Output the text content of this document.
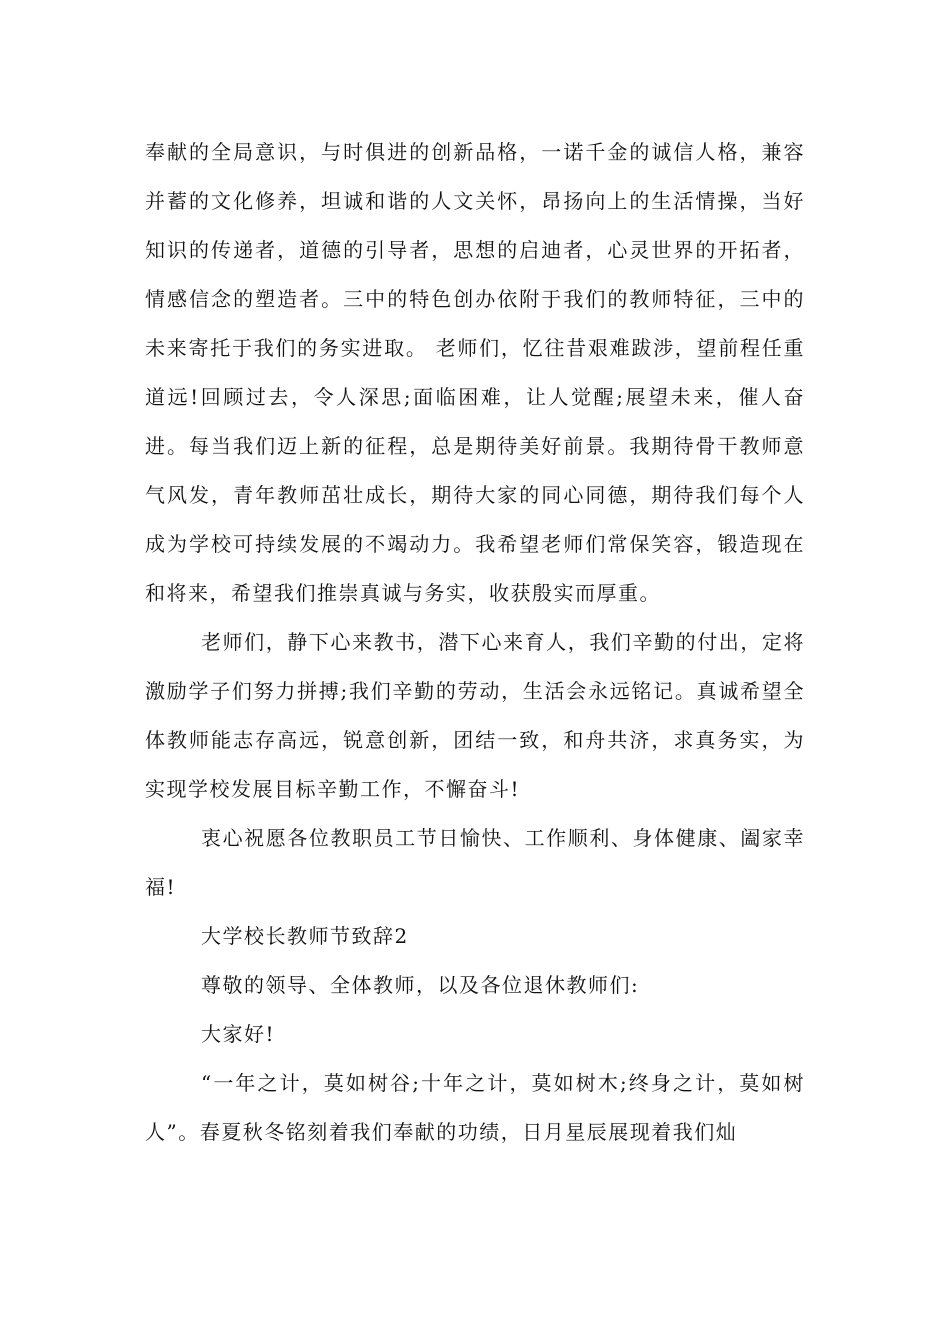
奉献的全局意识，与时俱进的创新品格，一诺千金的诚信人格，兼容并蓄的文化修养，坦诚和谐的人文关怀，昂扬向上的生活情操，当好知识的传递者，道德的引导者，思想的启迪者，心灵世界的开拓者，情感信念的塑造者。三中的特色创办依附于我们的教师特征，三中的未来寄托于我们的务实进取。 老师们，忆往昔艰难跋涉，望前程任重道远!回顾过去，令人深思;面临困难，让人觉醒;展望未来，催人奋进。每当我们迈上新的征程，总是期待美好前景。我期待骨干教师意气风发，青年教师茁壮成长，期待大家的同心同德，期待我们每个人成为学校可持续发展的不竭动力。我希望老师们常保笑容，锻造现在和将来，希望我们推崇真诚与务实，收获殷实而厚重。

老师们，静下心来教书，潜下心来育人，我们辛勤的付出，定将激励学子们努力拼搏;我们辛勤的劳动，生活会永远铭记。真诚希望全体教师能志存高远，锐意创新，团结一致，和舟共济，求真务实，为实现学校发展目标辛勤工作，不懈奋斗!

衷心祝愿各位教职员工节日愉快、工作顺利、身体健康、阖家幸福!

大学校长教师节致辞2

尊敬的领导、全体教师，以及各位退休教师们:

大家好!

“一年之计，莫如树谷;十年之计，莫如树木;终身之计，莫如树人”。春夏秋冬铭刻着我们奉献的功绩，日月星辰展现着我们灿
